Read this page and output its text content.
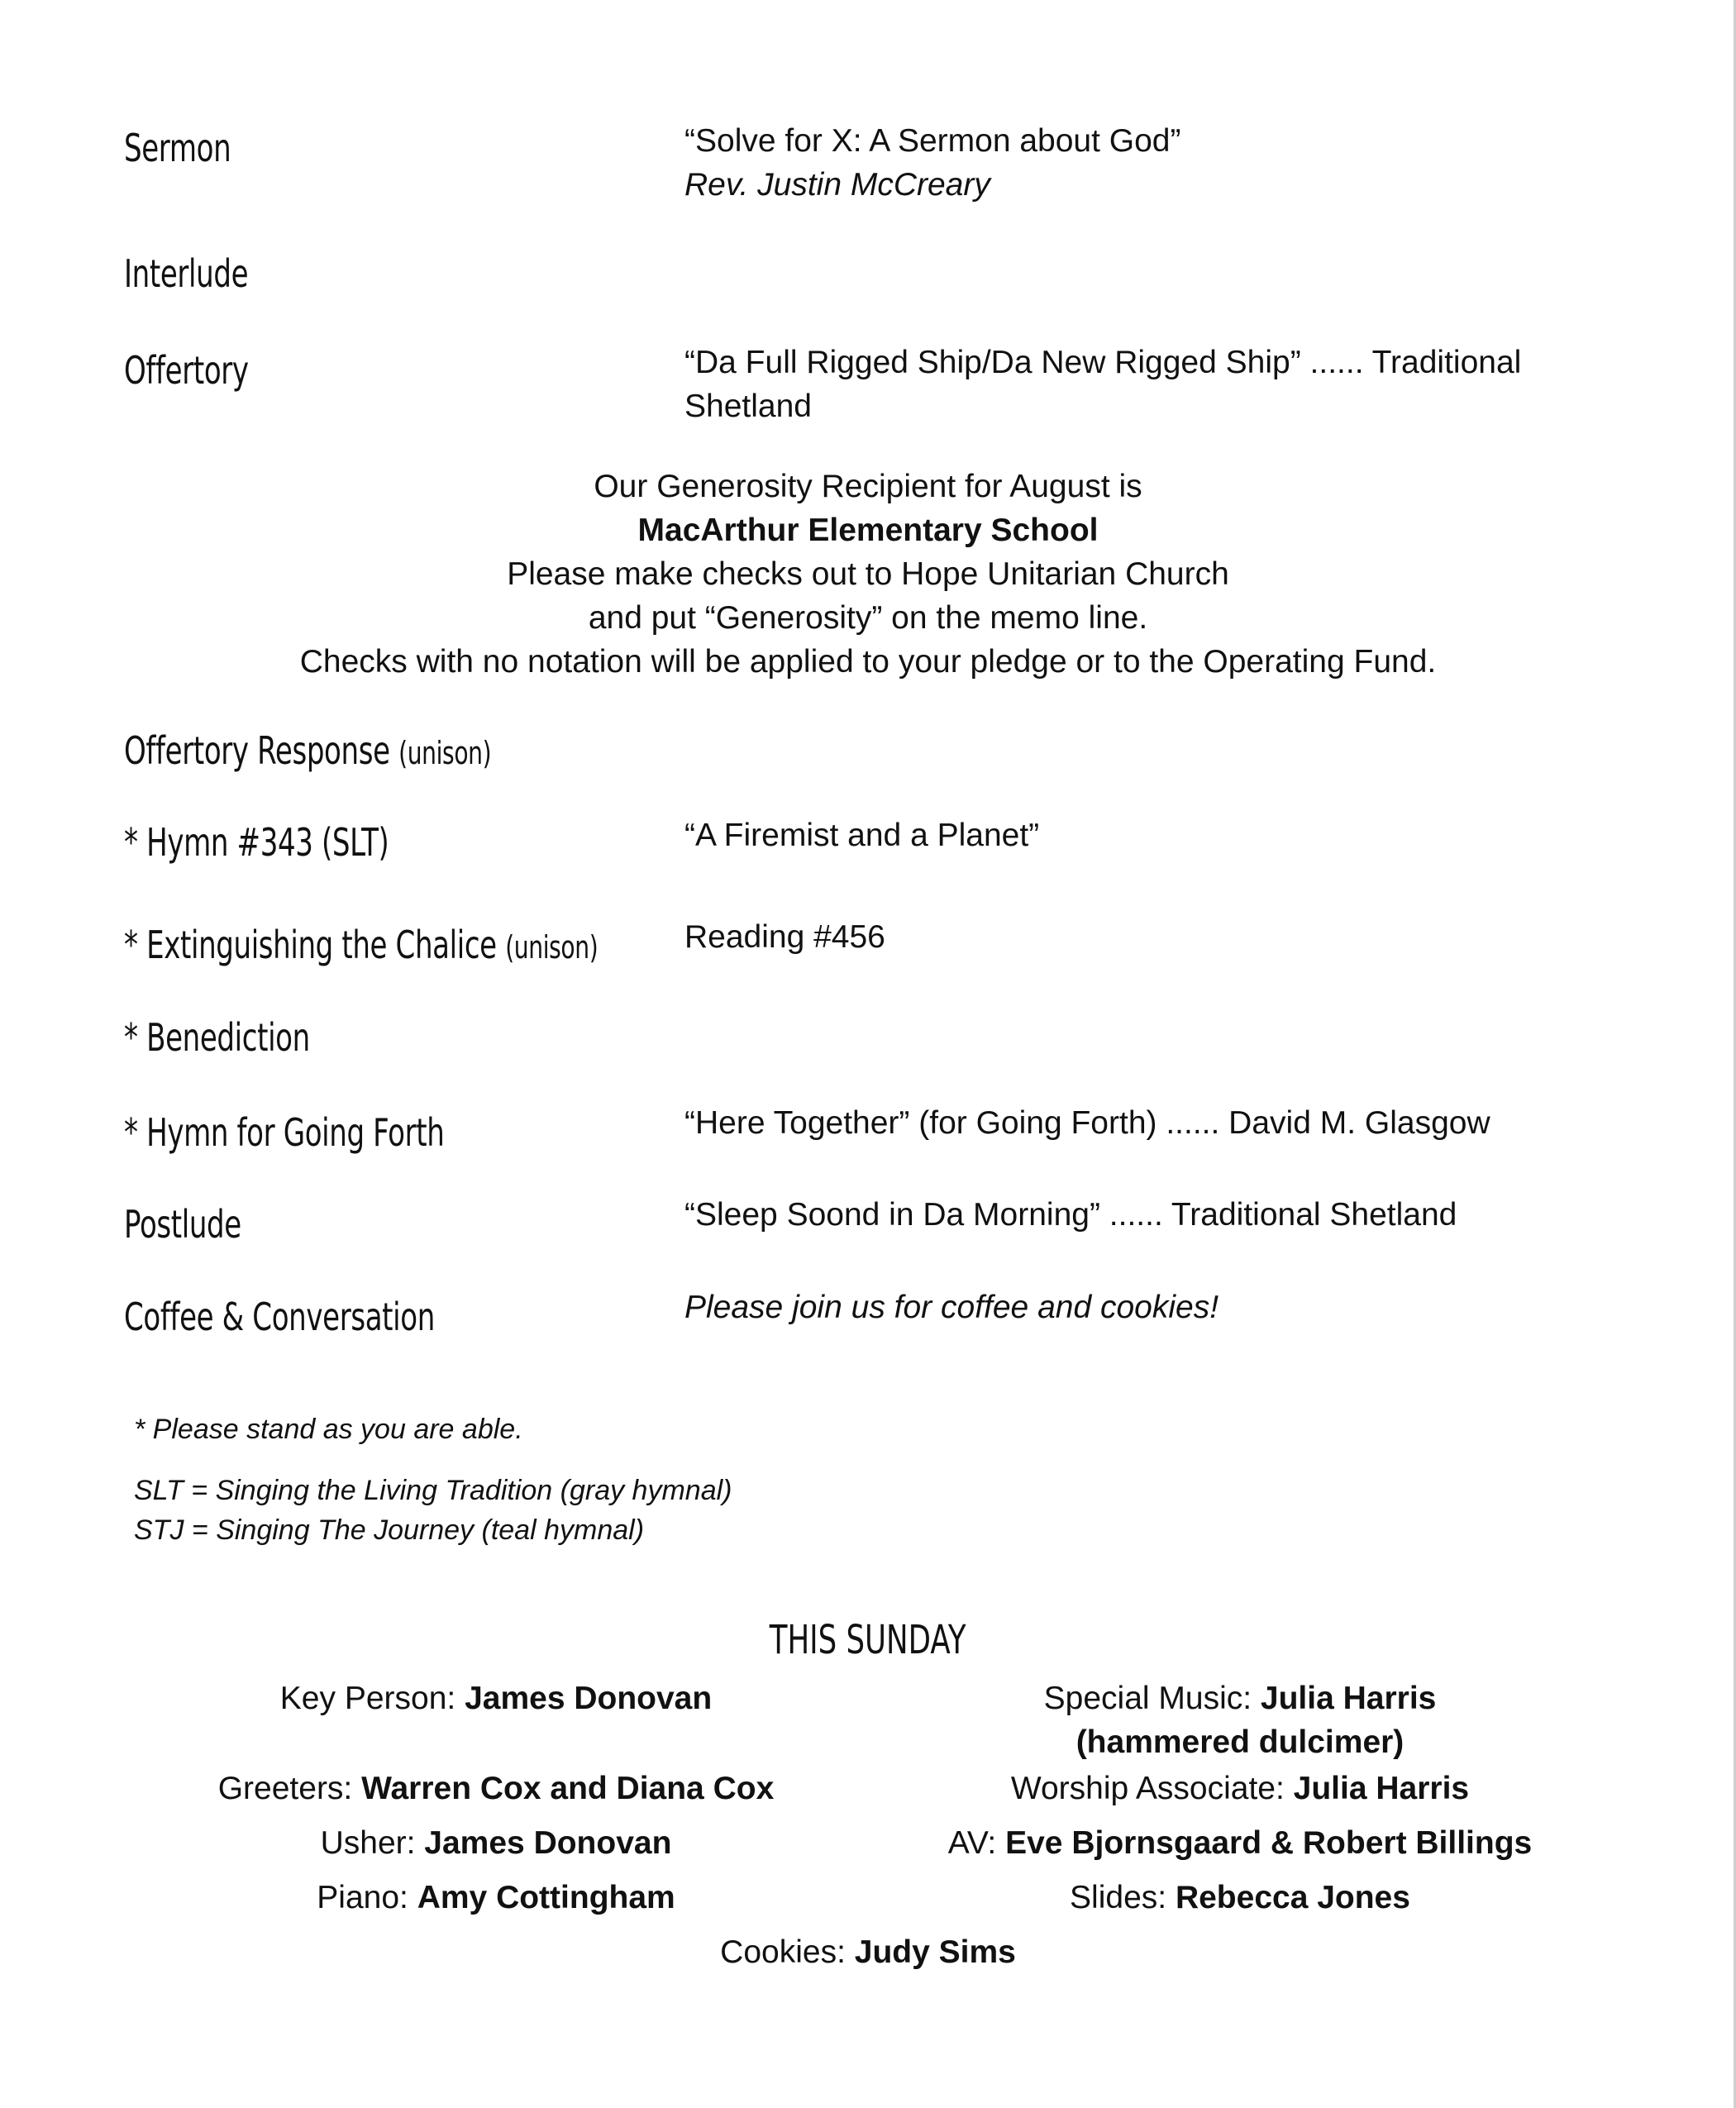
Sermon	“Solve for X: A Sermon about God”
Rev. Justin McCreary
Interlude
Offertory	“Da Full Rigged Ship/Da New Rigged Ship” ...... Traditional
Shetland
Our Generosity Recipient for August is
MacArthur Elementary School
Please make checks out to Hope Unitarian Church
and put “Generosity” on the memo line.
Checks with no notation will be applied to your pledge or to the Operating Fund.
Offertory Response (unison)
* Hymn #343 (SLT)	“A Firemist and a Planet”
* Extinguishing the Chalice (unison)	Reading #456
* Benediction
* Hymn for Going Forth	“Here Together” (for Going Forth) ...... David M. Glasgow
Postlude	“Sleep Soond in Da Morning” ...... Traditional Shetland
Coffee & Conversation	Please join us for coffee and cookies!
* Please stand as you are able.
SLT = Singing the Living Tradition (gray hymnal)
STJ = Singing The Journey (teal hymnal)
THIS SUNDAY
Key Person: James Donovan	Special Music: Julia Harris
(hammered dulcimer)
Greeters: Warren Cox and Diana Cox	Worship Associate: Julia Harris
Usher: James Donovan	AV: Eve Bjornsgaard & Robert Billings
Piano: Amy Cottingham	Slides: Rebecca Jones
Cookies: Judy Sims
